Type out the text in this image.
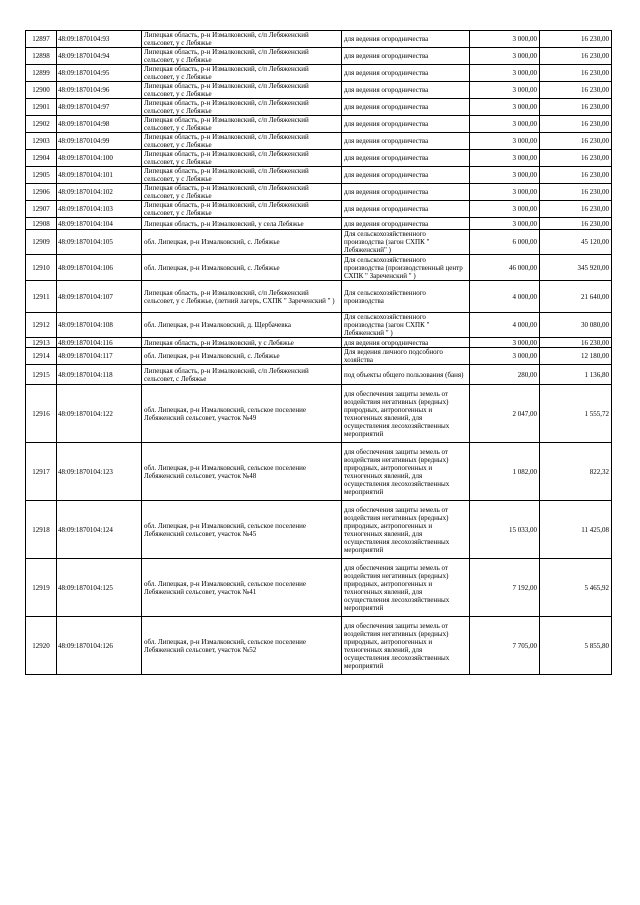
12897	48:09:1870104:93	Липецкая область, р-н Измалковский, с/п Лебяженский сельсовет, у с Лебяжье	для ведения огородничества	3 000,00	16 230,00
12898	48:09:1870104:94	Липецкая область, р-н Измалковский, с/п Лебяженский сельсовет, у с Лебяжье	для ведения огородничества	3 000,00	16 230,00
12899	48:09:1870104:95	Липецкая область, р-н Измалковский, с/п Лебяженский сельсовет, у с Лебяжье	для ведения огородничества	3 000,00	16 230,00
12900	48:09:1870104:96	Липецкая область, р-н Измалковский, с/п Лебяженский сельсовет, у с Лебяжье	для ведения огородничества	3 000,00	16 230,00
12901	48:09:1870104:97	Липецкая область, р-н Измалковский, с/п Лебяженский сельсовет, у с Лебяжье	для ведения огородничества	3 000,00	16 230,00
12902	48:09:1870104:98	Липецкая область, р-н Измалковский, с/п Лебяженский сельсовет, у с Лебяжье	для ведения огородничества	3 000,00	16 230,00
12903	48:09:1870104:99	Липецкая область, р-н Измалковский, с/п Лебяженский сельсовет, у с Лебяжье	для ведения огородничества	3 000,00	16 230,00
12904	48:09:1870104:100	Липецкая область, р-н Измалковский, с/п Лебяженский сельсовет, у с Лебяжье	для ведения огородничества	3 000,00	16 230,00
12905	48:09:1870104:101	Липецкая область, р-н Измалковский, с/п Лебяженский сельсовет, у с Лебяжье	для ведения огородничества	3 000,00	16 230,00
12906	48:09:1870104:102	Липецкая область, р-н Измалковский, с/п Лебяженский сельсовет, у с Лебяжье	для ведения огородничества	3 000,00	16 230,00
12907	48:09:1870104:103	Липецкая область, р-н Измалковский, с/п Лебяженский сельсовет, у с Лебяжье	для ведения огородничества	3 000,00	16 230,00
12908	48:09:1870104:104	Липецкая область, р-н Измалковский, у села Лебяжье	для ведения огородничества	3 000,00	16 230,00
12909	48:09:1870104:105	обл. Липецкая, р-н Измалковский, с. Лебяжье	Для сельскохозяйственного производства (загон СХПК " Лебяженский" )	6 000,00	45 120,00
12910	48:09:1870104:106	обл. Липецкая, р-н Измалковский, с. Лебяжье	Для сельскохозяйственного производства (производственный центр СХПК " Зареченский " )	46 000,00	345 920,00
12911	48:09:1870104:107	Липецкая область, р-н Измалковский, с/п Лебяженский сельсовет, у с Лебяжье, (летний лагерь, СХПК " Зареченский " )	Для сельскохозяйственного производства	4 000,00	21 640,00
12912	48:09:1870104:108	обл. Липецкая, р-н Измалковский, д. Щербачевка	Для сельскохозяйственного производства (загон СХПК " Лебяженский " )	4 000,00	30 080,00
12913	48:09:1870104:116	Липецкая область, р-н Измалковский, у с Лебяжье	для ведения огородничества	3 000,00	16 230,00
12914	48:09:1870104:117	обл. Липецкая, р-н Измалковский, с. Лебяжье	Для ведения личного подсобного хозяйства	3 000,00	12 180,00
12915	48:09:1870104:118	Липецкая область, р-н Измалковский, с/п Лебяженский сельсовет, с Лебяжье	под объекты общего пользования (баня)	280,00	1 136,80
12916	48:09:1870104:122	обл. Липецкая, р-н Измалковский, сельское поселение Лебяженский сельсовет, участок №49	для обеспечения защиты земель от воздействия негативных (вредных) природных, антропогенных и техногенных явлений, для осуществления лесохозяйственных мероприятий	2 047,00	1 555,72
12917	48:09:1870104:123	обл. Липецкая, р-н Измалковский, сельское поселение Лебяженский сельсовет, участок №48	для обеспечения защиты земель от воздействия негативных (вредных) природных, антропогенных и техногенных явлений, для осуществления лесохозяйственных мероприятий	1 082,00	822,32
12918	48:09:1870104:124	обл. Липецкая, р-н Измалковский, сельское поселение Лебяженский сельсовет, участок №45	для обеспечения защиты земель от воздействия негативных (вредных) природных, антропогенных и техногенных явлений, для осуществления лесохозяйственных мероприятий	15 033,00	11 425,08
12919	48:09:1870104:125	обл. Липецкая, р-н Измалковский, сельское поселение Лебяженский сельсовет, участок №41	для обеспечения защиты земель от воздействия негативных (вредных) природных, антропогенных и техногенных явлений, для осуществления лесохозяйственных мероприятий	7 192,00	5 465,92
12920	48:09:1870104:126	обл. Липецкая, р-н Измалковский, сельское поселение Лебяженский сельсовет, участок №52	для обеспечения защиты земель от воздействия негативных (вредных) природных, антропогенных и техногенных явлений, для осуществления лесохозяйственных мероприятий	7 705,00	5 855,80
